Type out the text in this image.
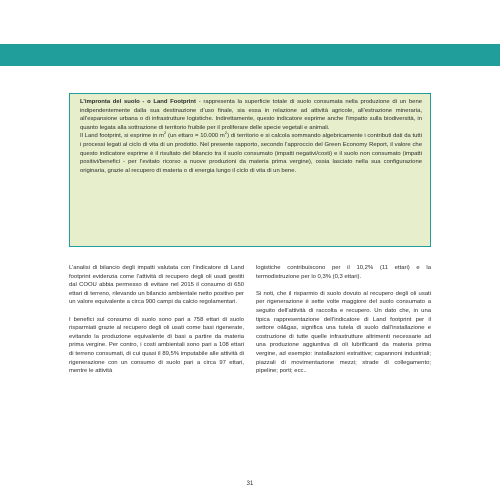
L’impronta del suolo - o Land Footprint - rappresenta la superficie totale di suolo consumata nella produzione di un bene indipendentemente dalla sua destinazione d’uso finale, sia essa in relazione ad attività agricole, all’estrazione mineraria, all’espansione urbana o di infrastrutture logistiche. Indirettamente, questo indicatore esprime anche l’impatto sulla biodiversità, in quanto legata alla sottrazione di territorio fruibile per il proliferare delle specie vegetali e animali.
Il Land footprint, si esprime in $m^2$ (un ettaro = 10.000 $m^2$) di territorio e si calcola sommando algebricamente i contributi dati da tutti i processi legati al ciclo di vita di un prodotto. Nel presente rapporto, secondo l’approccio del Green Economy Report, il valore che questo indicatore esprime è il risultato del bilancio tra il suolo consumato (impatti negativi/costi) e il suolo non consumato (impatti positivi/benefici - per l’evitato ricorso a nuove produzioni da materia prima vergine), ossia lasciato nella sua configurazione originaria, grazie al recupero di materia o di energia lungo il ciclo di vita di un bene.

L’analisi di bilancio degli impatti valutata con l’indicatore di Land footprint evidenzia come l’attività di recupero degli oli usati gestiti dal COOU abbia permesso di evitare nel 2015 il consumo di 650 ettari di terreno, rilevando un bilancio ambientale netto positivo per un valore equivalente a circa 900 campi da calcio regolamentari.

I benefici sul consumo di suolo sono pari a 758 ettari di suolo risparmiati grazie al recupero degli oli usati come basi rigenerate, evitando la produzione equivalente di basi a partire da materia prima vergine. Per contro, i costi ambientali sono pari a 108 ettari di terreno consumati, di cui quasi il 89,5% imputabile alle attività di rigenerazione con un consumo di suolo pari a circa 97 ettari, mentre le attività

logistiche contribuiscono per il 10,2% (11 ettari) e la termodistruzione per lo 0,3% (0,3 ettari).

Si noti, che il risparmio di suolo dovuto al recupero degli oli usati per rigenerazione è sette volte maggiore del suolo consumato a seguito dell’attività di raccolta e recupero. Un dato che, in una tipica rappresentazione dell’indicatore di Land footprint per il settore oil&gas, significa una tutela di suolo dall’installazione e costruzione di tutte quelle infrastrutture altrimenti necessarie ad una produzione aggiuntiva di oli lubrificanti da materia prima vergine, ad esempio: installazioni estrattive; capannoni industriali; piazzali di movimentazione mezzi; strade di collegamento; pipeline; porti; ecc..

31
